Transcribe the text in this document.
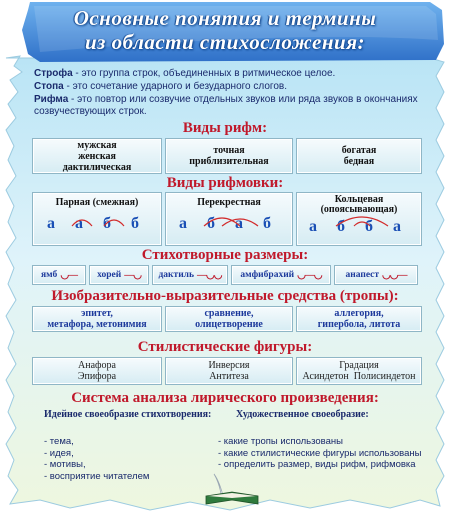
Основные понятия и термины
из области стихосложения:
Строфа - это группа строк, объединенных в ритмическое целое.
Стопа - это сочетание ударного и безударного слогов.
Рифма - это повтор или созвучие отдельных звуков или ряда звуков в окончаниях созвучествующих строк.
Виды рифм:
мужская
женская
дактилическая
точная
приблизительная
богатая
бедная
Виды рифмовки:
Парная (смежная)
а а б б
Перекрестная
а б а б
Кольцевая
(опоясывающая)
а б б а
Стихотворные размеры:
ямб ◡— хорей —◡ дактиль —◡◡ амфибрахий ◡—◡	анапест ◡◡—
Изобразительно-выразительные средства (тропы):
эпитет,
метафора, метонимия
сравнение,
олицетворение
аллегория,
гипербола, литота
Стилистические фигуры:
Анафора
Эпифора
Инверсия
Антитеза
Градация
Асиндетон  Полисиндетон
Система анализа лирического произведения:
Идейное своеобразие стихотворения: Художественное своеобразие:
- тема,
- идея,
- мотивы,
- восприятие читателем
- какие тропы использованы
- какие стилистические фигуры использованы
- определить размер, виды рифм, рифмовка
